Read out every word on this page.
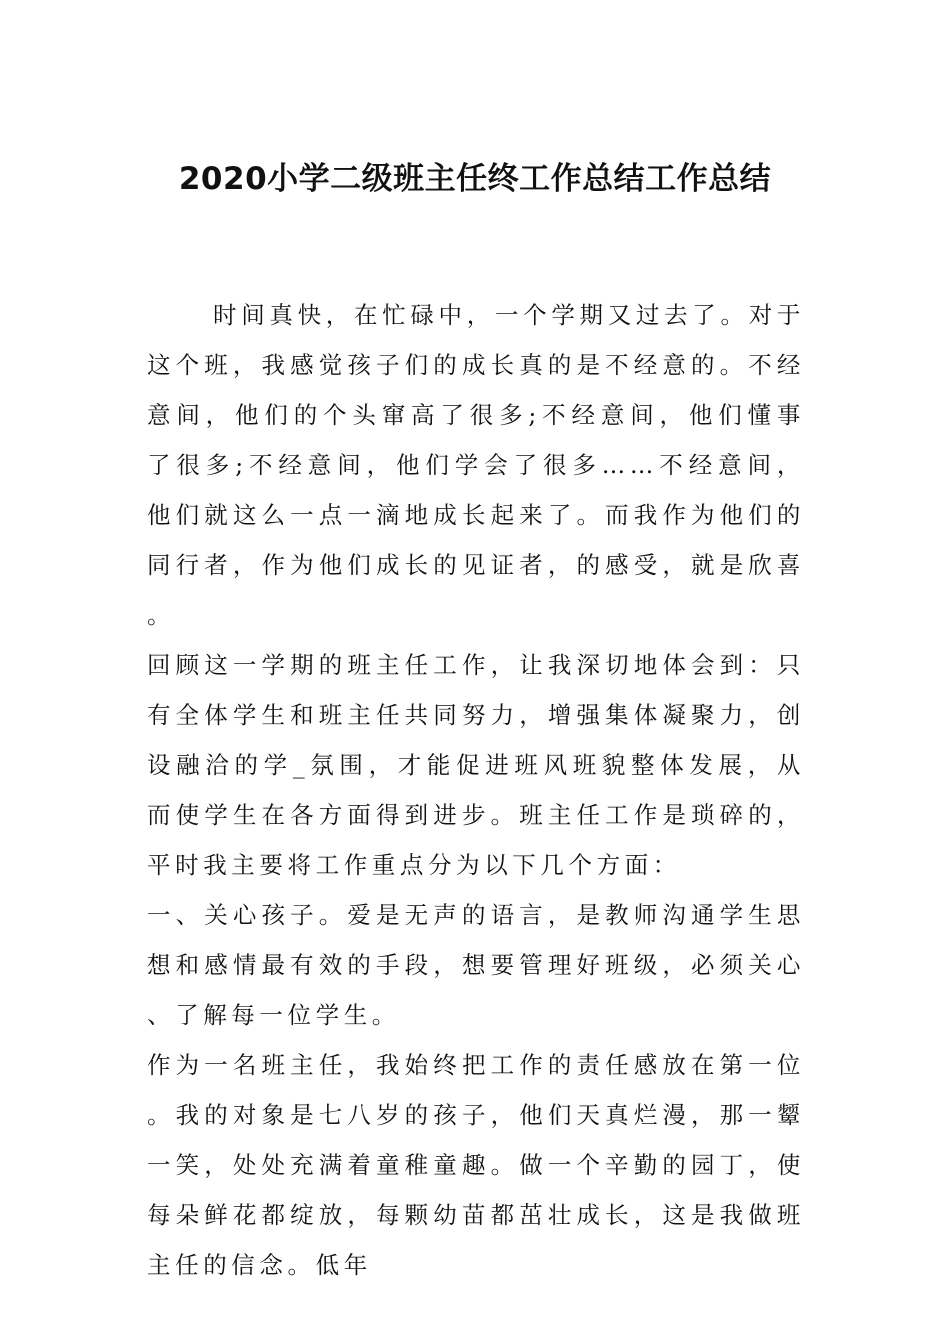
2020小学二级班主任终工作总结工作总结

时间真快，在忙碌中，一个学期又过去了。对于这个班，我感觉孩子们的成长真的是不经意的。不经意间，他们的个头窜高了很多;不经意间，他们懂事了很多;不经意间，他们学会了很多……不经意间，他们就这么一点一滴地成长起来了。而我作为他们的同行者，作为他们成长的见证者，的感受，就是欣喜。

回顾这一学期的班主任工作，让我深切地体会到：只有全体学生和班主任共同努力，增强集体凝聚力，创设融洽的学_氛围，才能促进班风班貌整体发展，从而使学生在各方面得到进步。班主任工作是琐碎的，平时我主要将工作重点分为以下几个方面：

一、关心孩子。爱是无声的语言，是教师沟通学生思想和感情最有效的手段，想要管理好班级，必须关心、了解每一位学生。

作为一名班主任，我始终把工作的责任感放在第一位。我的对象是七八岁的孩子，他们天真烂漫，那一颦一笑，处处充满着童稚童趣。做一个辛勤的园丁，使每朵鲜花都绽放，每颗幼苗都茁壮成长，这是我做班主任的信念。低年
